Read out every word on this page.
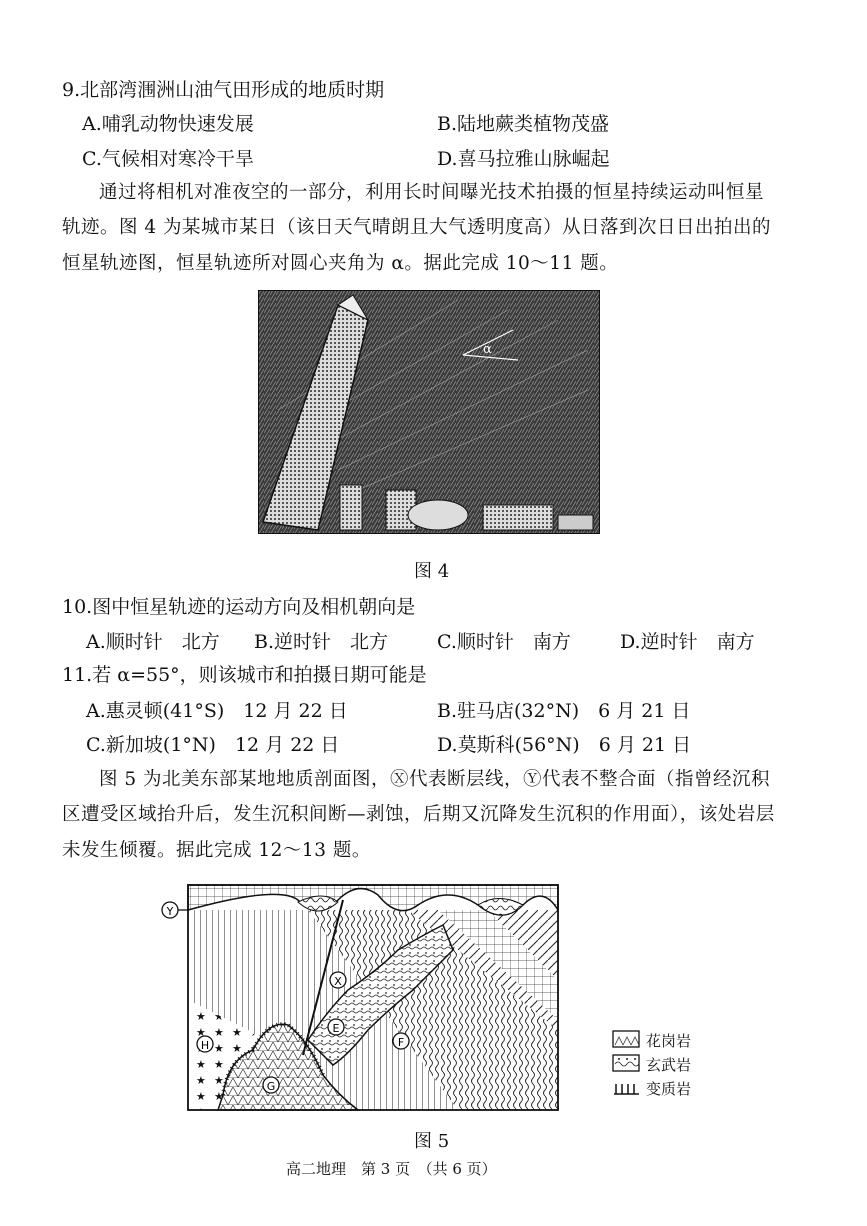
9.北部湾涠洲山油气田形成的地质时期
A.哺乳动物快速发展	B.陆地蕨类植物茂盛
C.气候相对寒冷干旱	D.喜马拉雅山脉崛起
通过将相机对准夜空的一部分，利用长时间曝光技术拍摄的恒星持续运动叫恒星
轨迹。图 4 为某城市某日（该日天气晴朗且大气透明度高）从日落到次日日出拍出的
恒星轨迹图，恒星轨迹所对圆心夹角为 α。据此完成 10～11 题。
α
图 4
10.图中恒星轨迹的运动方向及相机朝向是
A.顺时针　北方 B.逆时针　北方	C.顺时针　南方	D.逆时针　南方
11.若 α=55°，则该城市和拍摄日期可能是
A.惠灵顿(41°S)　12 月 22 日	B.驻马店(32°N)　6 月 21 日
C.新加坡(1°N)　12 月 22 日	D.莫斯科(56°N)　6 月 21 日
图 5 为北美东部某地地质剖面图，Ⓧ代表断层线，Ⓨ代表不整合面（指曾经沉积
区遭受区域抬升后，发生沉积间断—剥蚀，后期又沉降发生沉积的作用面），该处岩层
未发生倾覆。据此完成 12～13 题。
Y
X
E
F
G
H	花岗岩
玄武岩
变质岩
图 5
高二地理　第 3 页　（共 6 页）
